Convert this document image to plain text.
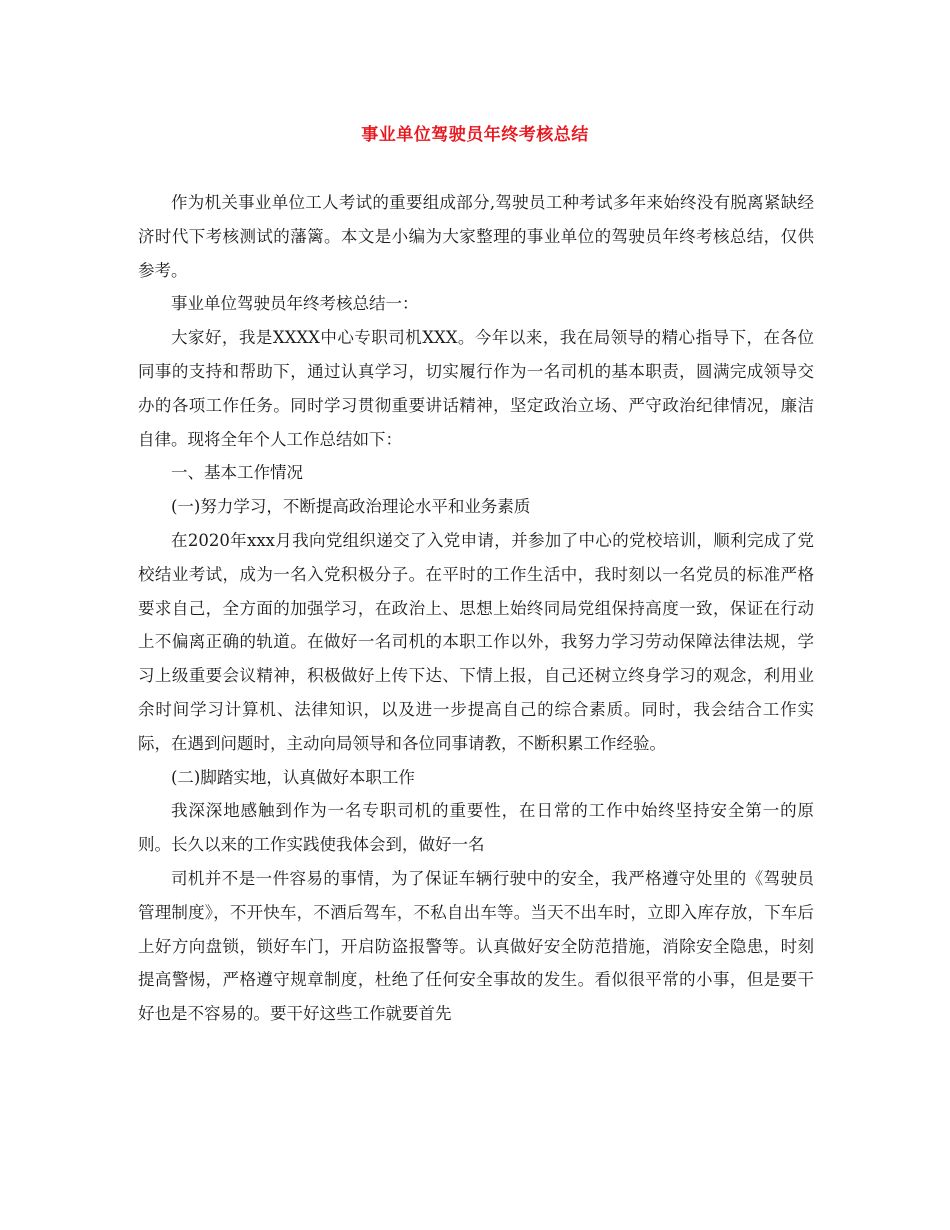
事业单位驾驶员年终考核总结

作为机关事业单位工人考试的重要组成部分,驾驶员工种考试多年来始终没有脱离紧缺经济时代下考核测试的藩篱。本文是小编为大家整理的事业单位的驾驶员年终考核总结，仅供参考。

事业单位驾驶员年终考核总结一：

大家好，我是XXXX中心专职司机XXX。今年以来，我在局领导的精心指导下，在各位同事的支持和帮助下，通过认真学习，切实履行作为一名司机的基本职责，圆满完成领导交办的各项工作任务。同时学习贯彻重要讲话精神，坚定政治立场、严守政治纪律情况，廉洁自律。现将全年个人工作总结如下：

一、基本工作情况

(一)努力学习，不断提高政治理论水平和业务素质

在2020年xxx月我向党组织递交了入党申请，并参加了中心的党校培训，顺利完成了党校结业考试，成为一名入党积极分子。在平时的工作生活中，我时刻以一名党员的标准严格要求自己，全方面的加强学习，在政治上、思想上始终同局党组保持高度一致，保证在行动上不偏离正确的轨道。在做好一名司机的本职工作以外，我努力学习劳动保障法律法规，学习上级重要会议精神，积极做好上传下达、下情上报，自己还树立终身学习的观念，利用业余时间学习计算机、法律知识，以及进一步提高自己的综合素质。同时，我会结合工作实际，在遇到问题时，主动向局领导和各位同事请教，不断积累工作经验。

(二)脚踏实地，认真做好本职工作

我深深地感触到作为一名专职司机的重要性，在日常的工作中始终坚持安全第一的原则。长久以来的工作实践使我体会到，做好一名

司机并不是一件容易的事情，为了保证车辆行驶中的安全，我严格遵守处里的《驾驶员管理制度》，不开快车，不酒后驾车，不私自出车等。当天不出车时，立即入库存放，下车后上好方向盘锁，锁好车门，开启防盗报警等。认真做好安全防范措施，消除安全隐患，时刻提高警惕，严格遵守规章制度，杜绝了任何安全事故的发生。看似很平常的小事，但是要干好也是不容易的。要干好这些工作就要首先
